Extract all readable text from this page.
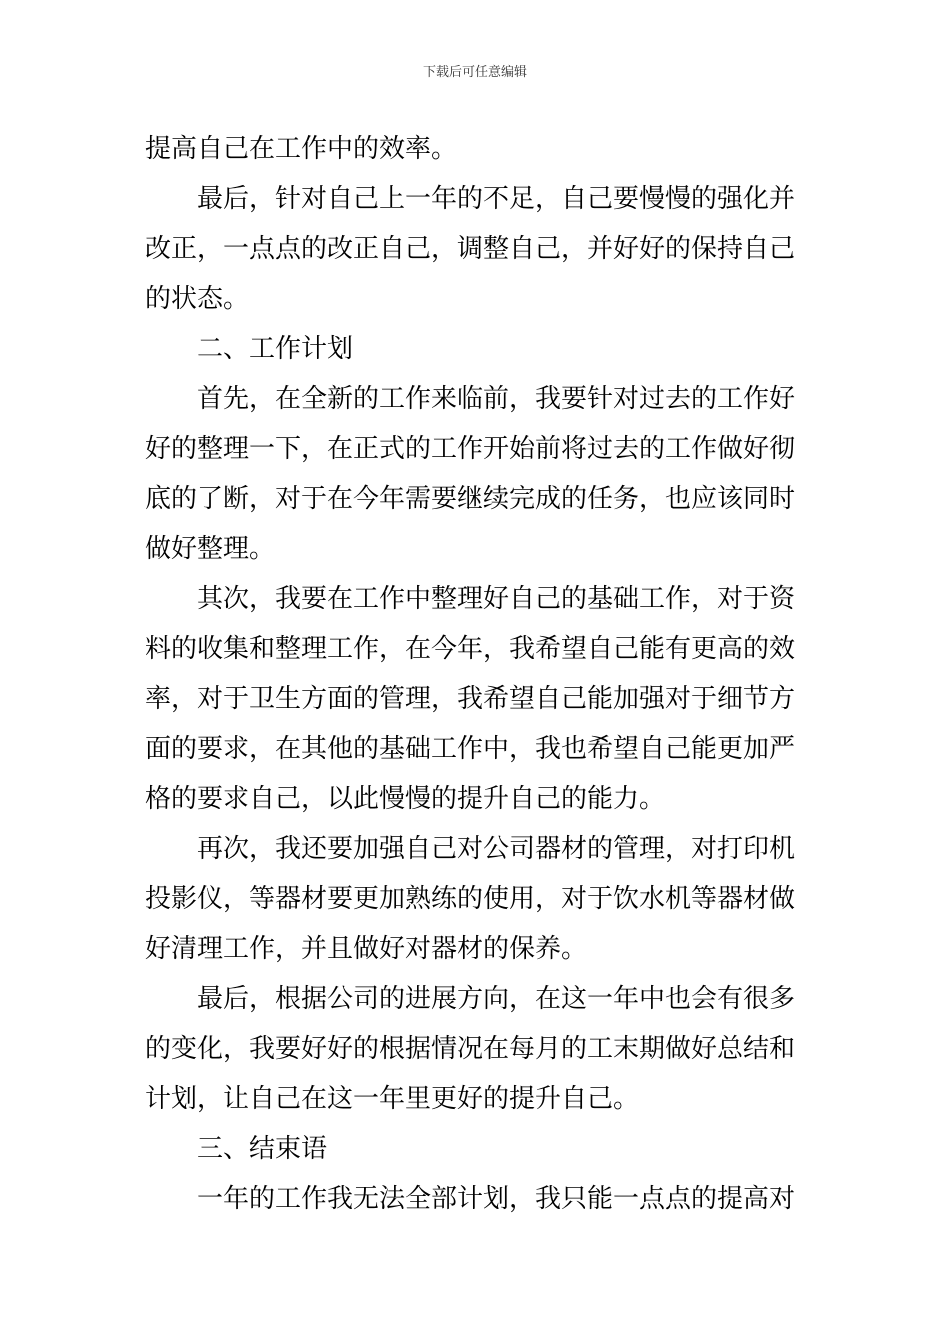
下载后可任意编辑
提高自己在工作中的效率。
最后，针对自己上一年的不足，自己要慢慢的强化并
改正，一点点的改正自己，调整自己，并好好的保持自己
的状态。
二、工作计划
首先，在全新的工作来临前，我要针对过去的工作好
好的整理一下，在正式的工作开始前将过去的工作做好彻
底的了断，对于在今年需要继续完成的任务，也应该同时
做好整理。
其次，我要在工作中整理好自己的基础工作，对于资
料的收集和整理工作，在今年，我希望自己能有更高的效
率，对于卫生方面的管理，我希望自己能加强对于细节方
面的要求，在其他的基础工作中，我也希望自己能更加严
格的要求自己，以此慢慢的提升自己的能力。
再次，我还要加强自己对公司器材的管理，对打印机
投影仪，等器材要更加熟练的使用，对于饮水机等器材做
好清理工作，并且做好对器材的保养。
最后，根据公司的进展方向，在这一年中也会有很多
的变化，我要好好的根据情况在每月的工末期做好总结和
计划，让自己在这一年里更好的提升自己。
三、结束语
一年的工作我无法全部计划，我只能一点点的提高对
